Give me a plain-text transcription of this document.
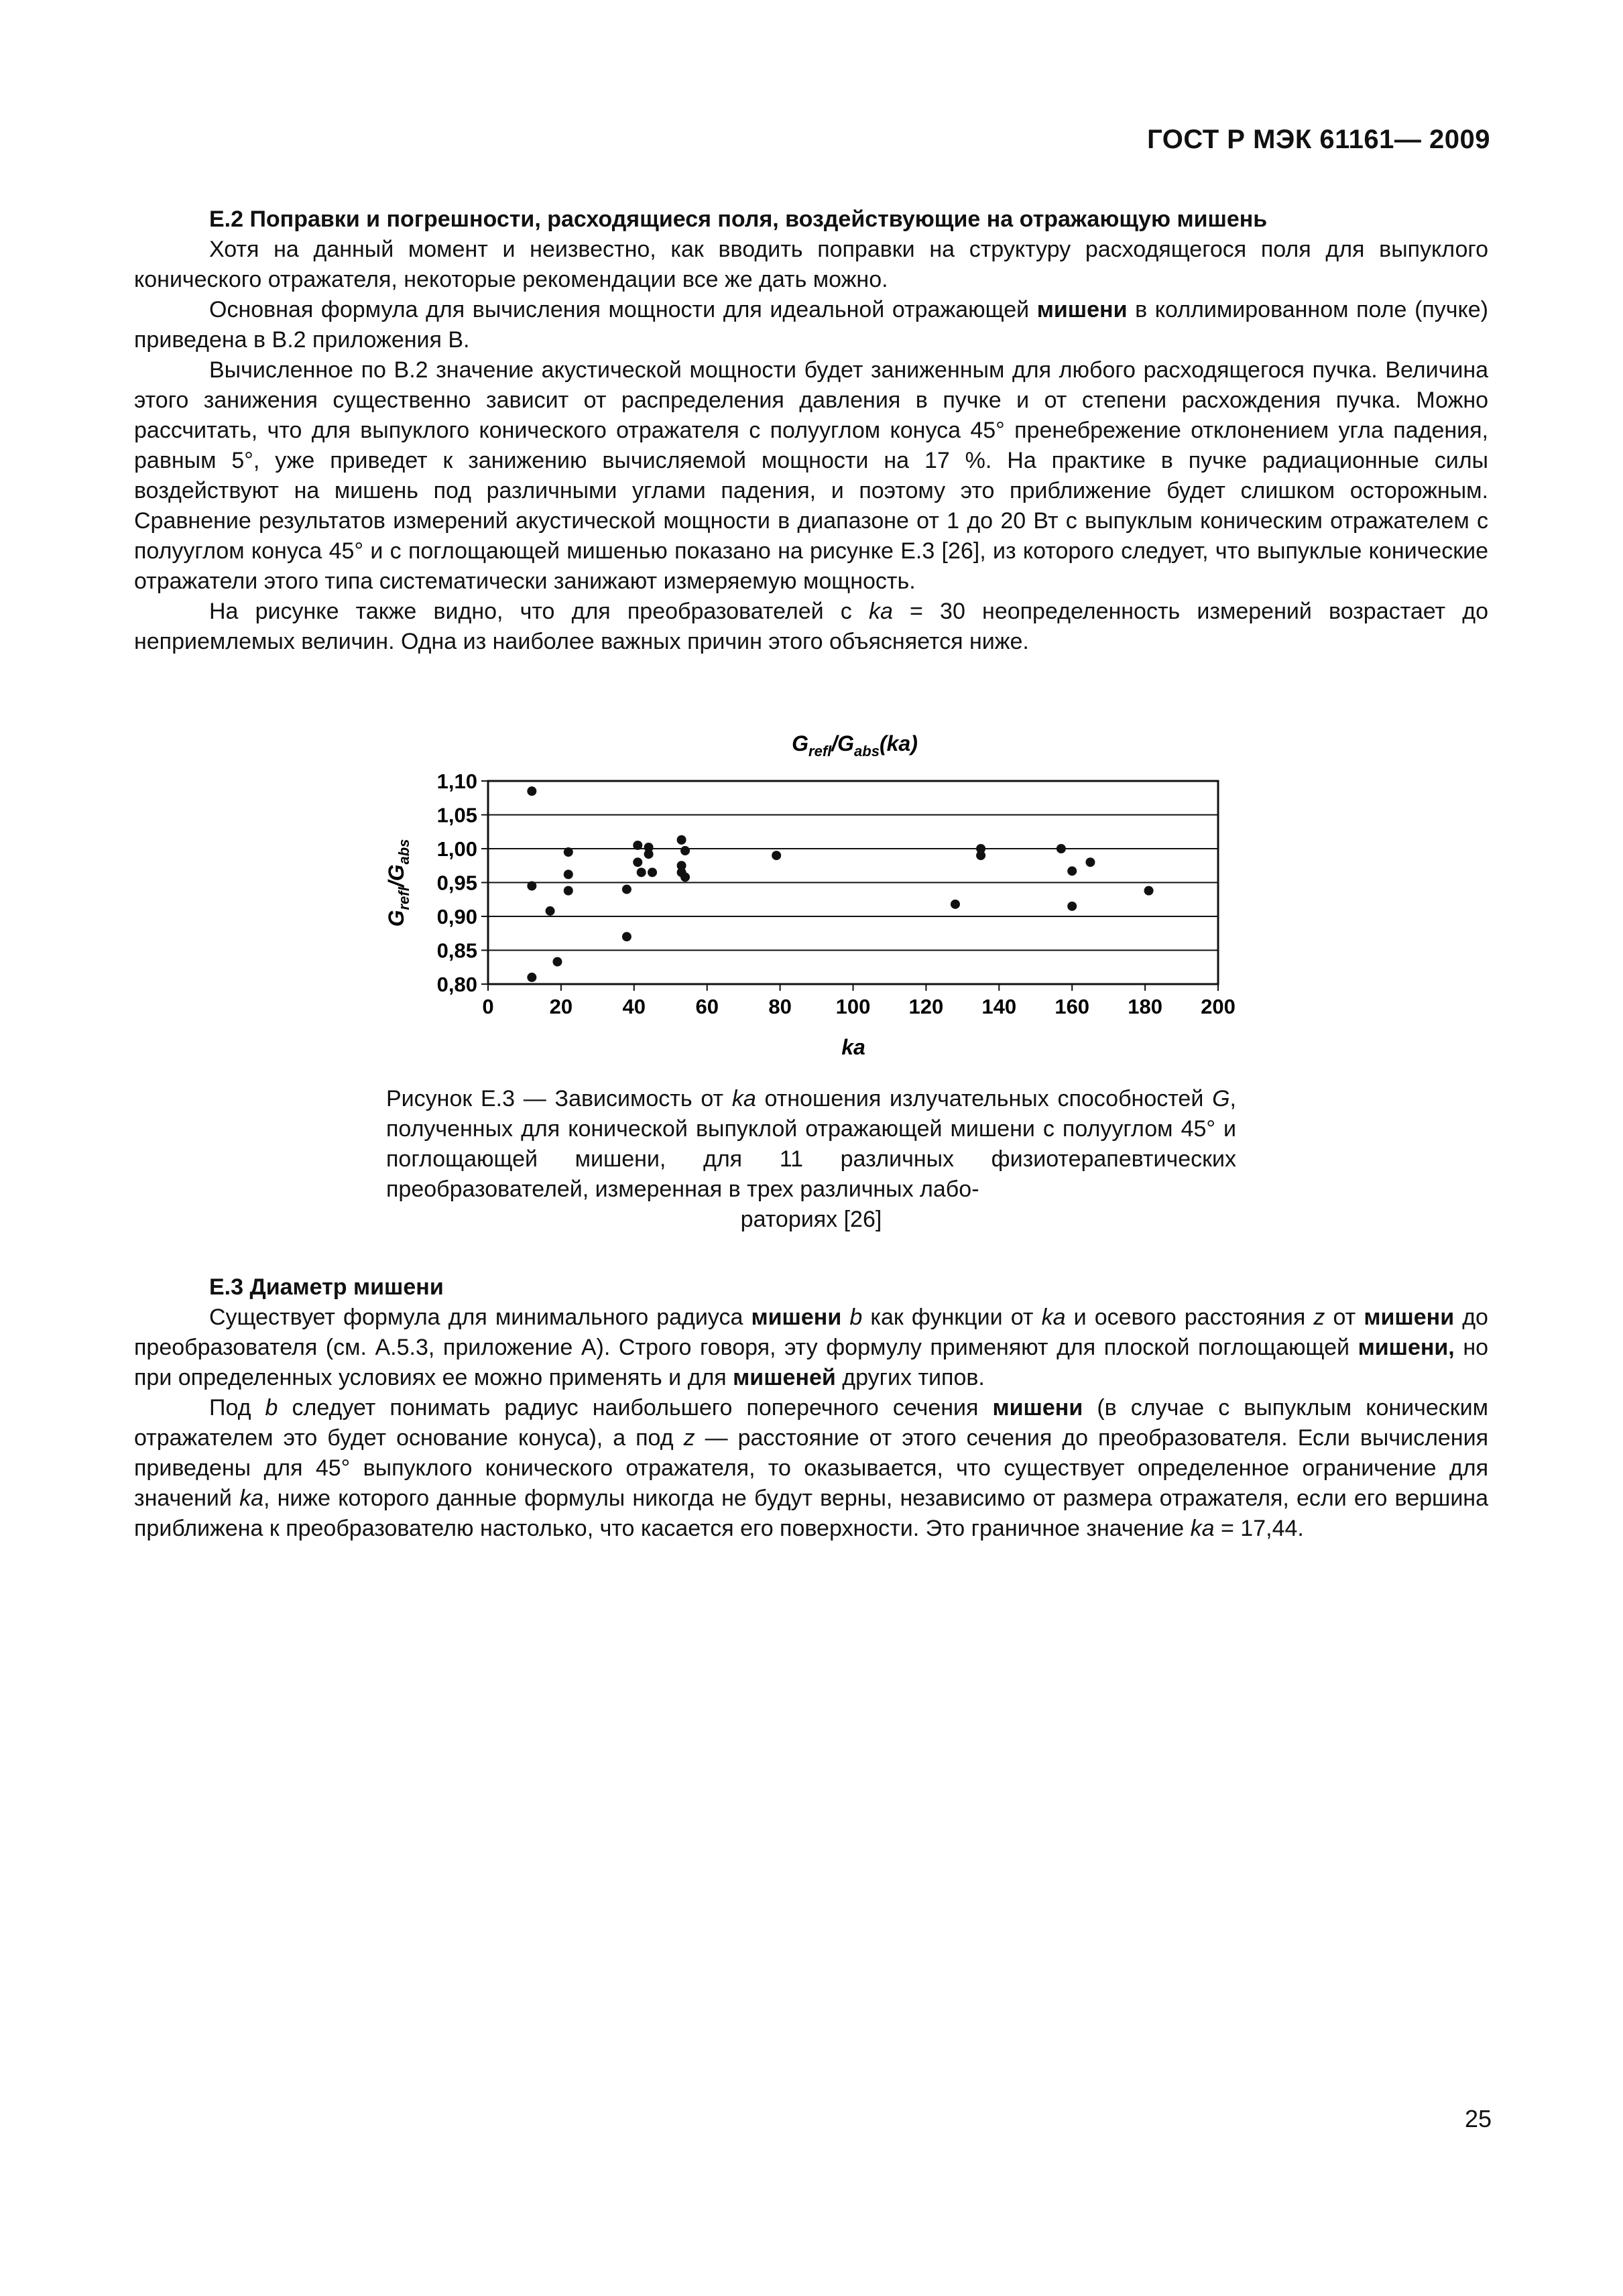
ГОСТ Р МЭК 61161— 2009

Е.2 Поправки и погрешности, расходящиеся поля, воздействующие на отражающую мишень

Хотя на данный момент и неизвестно, как вводить поправки на структуру расходящегося поля для выпуклого конического отражателя, некоторые рекомендации все же дать можно.

Основная формула для вычисления мощности для идеальной отражающей мишени в коллимированном поле (пучке) приведена в В.2 приложения В.

Вычисленное по В.2 значение акустической мощности будет заниженным для любого расходящегося пучка. Величина этого занижения существенно зависит от распределения давления в пучке и от степени расхождения пучка. Можно рассчитать, что для выпуклого конического отражателя с полууглом конуса 45° пренебрежение отклонением угла падения, равным 5°, уже приведет к занижению вычисляемой мощности на 17 %. На практике в пучке радиационные силы воздействуют на мишень под различными углами падения, и поэтому это приближение будет слишком осторожным. Сравнение результатов измерений акустической мощности в диапазоне от 1 до 20 Вт с выпуклым коническим отражателем с полууглом конуса 45° и с поглощающей мишенью показано на рисунке Е.3 [26], из которого следует, что выпуклые конические отражатели этого типа систематически занижают измеряемую мощность.

На рисунке также видно, что для преобразователей с ka = 30 неопределенность измерений возрастает до неприемлемых величин. Одна из наиболее важных причин этого объясняется ниже.

$G_{refl}/G_{abs}(ka)$
$G_{refl}/G_{abs}$
ka
1,10
1,05
1,00
0,95
0,90
0,85
0,80
0	20 40 60 80 100 120 140 160 180 200
Рисунок Е.3 — Зависимость от ka отношения излучательных способностей G, полученных для конической выпуклой отражающей мишени с полууглом 45° и поглощающей мишени, для 11 различных физиотерапевтических преобразователей, измеренная в трех различных лабо-
раториях [26]

Е.3 Диаметр мишени

Существует формула для минимального радиуса мишени b как функции от ka и осевого расстояния z от мишени до преобразователя (см. А.5.3, приложение А). Строго говоря, эту формулу применяют для плоской поглощающей мишени, но при определенных условиях ее можно применять и для мишеней других типов.

Под b следует понимать радиус наибольшего поперечного сечения мишени (в случае с выпуклым коническим отражателем это будет основание конуса), а под z — расстояние от этого сечения до преобразователя. Если вычисления приведены для 45° выпуклого конического отражателя, то оказывается, что существует определенное ограничение для значений ka, ниже которого данные формулы никогда не будут верны, независимо от размера отражателя, если его вершина приближена к преобразователю настолько, что касается его поверхности. Это граничное значение ka = 17,44.

25
